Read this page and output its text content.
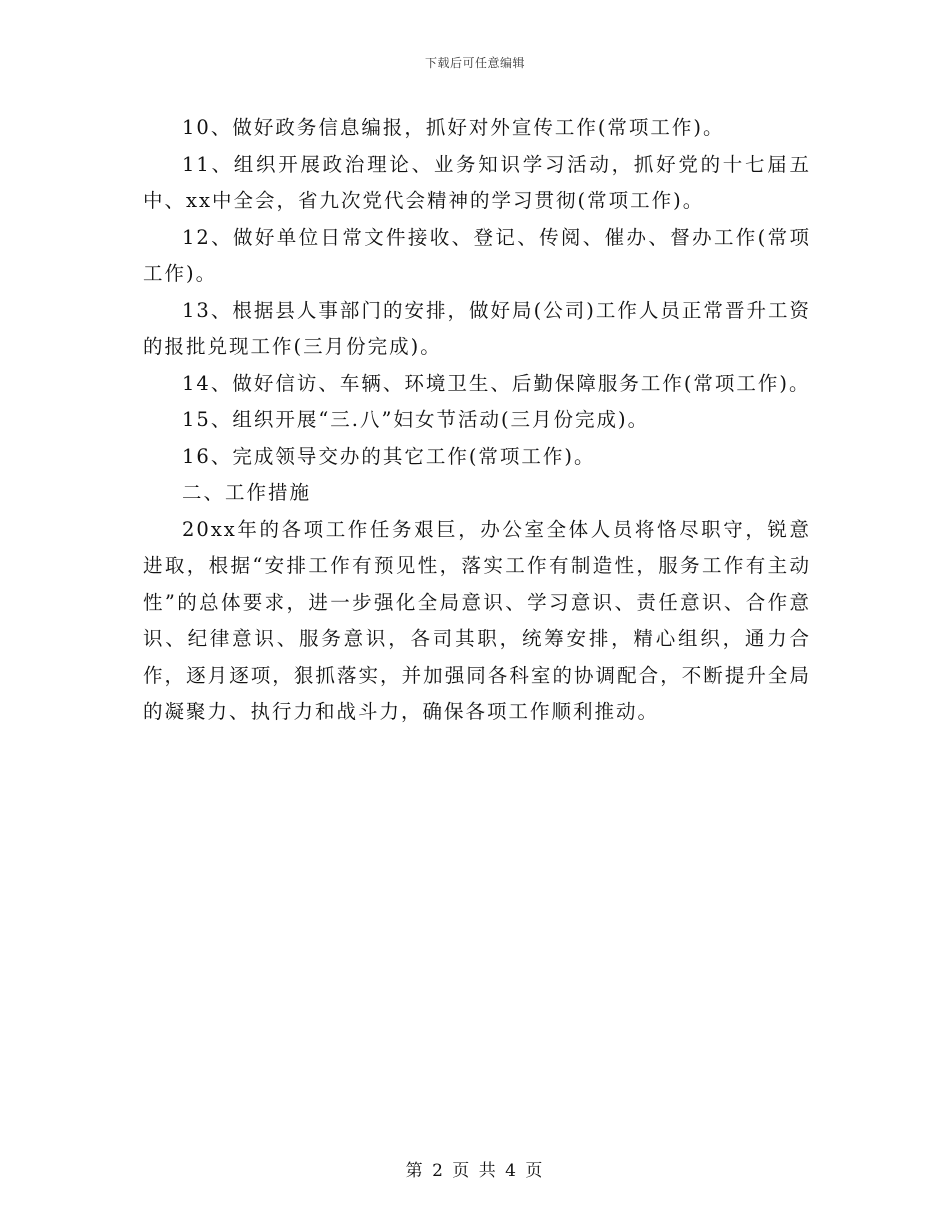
下载后可任意编辑

10、做好政务信息编报，抓好对外宣传工作(常项工作)。

11、组织开展政治理论、业务知识学习活动，抓好党的十七届五中、xx中全会，省九次党代会精神的学习贯彻(常项工作)。

12、做好单位日常文件接收、登记、传阅、催办、督办工作(常项工作)。

13、根据县人事部门的安排，做好局(公司)工作人员正常晋升工资的报批兑现工作(三月份完成)。

14、做好信访、车辆、环境卫生、后勤保障服务工作(常项工作)。

15、组织开展“三.八”妇女节活动(三月份完成)。

16、完成领导交办的其它工作(常项工作)。

二、工作措施

20xx年的各项工作任务艰巨，办公室全体人员将恪尽职守，锐意进取，根据“安排工作有预见性，落实工作有制造性，服务工作有主动性”的总体要求，进一步强化全局意识、学习意识、责任意识、合作意识、纪律意识、服务意识，各司其职，统筹安排，精心组织，通力合作，逐月逐项，狠抓落实，并加强同各科室的协调配合，不断提升全局的凝聚力、执行力和战斗力，确保各项工作顺利推动。

第 2 页 共 4 页
